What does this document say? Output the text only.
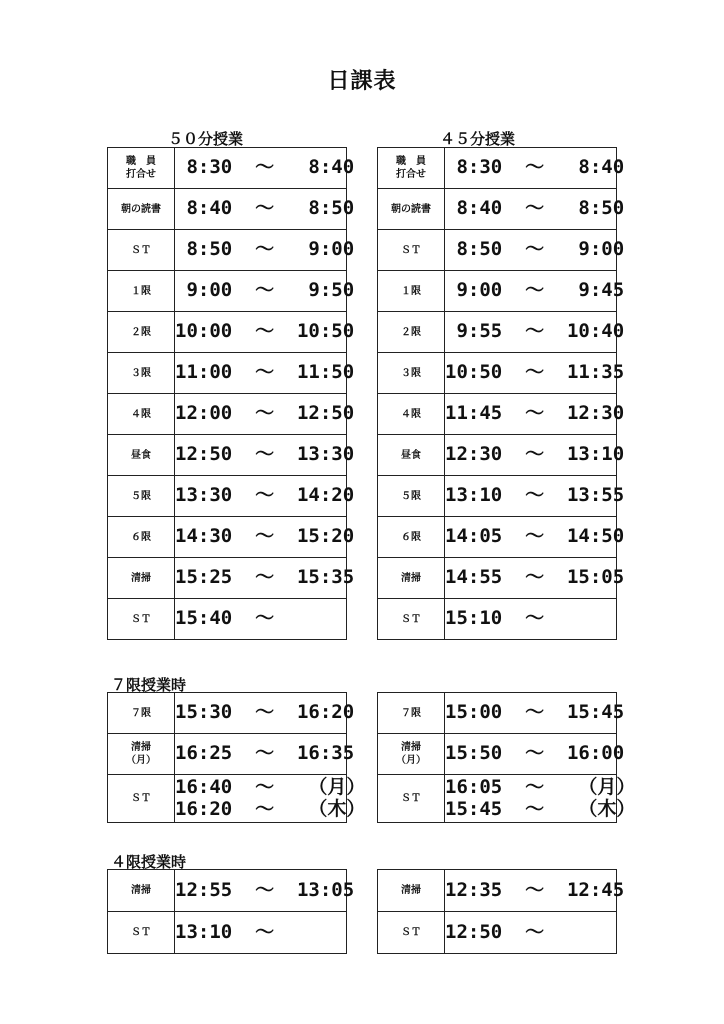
日課表
５０分授業	４５分授業
職　員
打合せ	8:30  〜   8:40

朝の読書	8:40  〜   8:50

ＳＴ	8:50  〜   9:00

１限	9:00  〜   9:50

２限	10:00  〜  10:50

３限	11:00  〜  11:50

４限	12:00  〜  12:50

昼食	12:50  〜  13:30

５限	13:30  〜  14:20

６限	14:30  〜  15:20

清掃	15:25  〜  15:35

ＳＴ	15:40  〜
職　員
打合せ	8:30  〜   8:40

朝の読書	8:40  〜   8:50

ＳＴ	8:50  〜   9:00

１限	9:00  〜   9:45

２限	9:55  〜  10:40

３限	10:50  〜  11:35

４限	11:45  〜  12:30

昼食	12:30  〜  13:10

５限	13:10  〜  13:55

６限	14:05  〜  14:50

清掃	14:55  〜  15:05

ＳＴ	15:10  〜
７限授業時
７限	15:30  〜  16:20

清掃
（月）	16:25  〜  16:35

ＳＴ	16:40  〜   （月）
16:20  〜   （木）
７限	15:00  〜  15:45

清掃
（月）	15:50  〜  16:00

ＳＴ	16:05  〜   （月）
15:45  〜   （木）
４限授業時
清掃	12:55  〜  13:05

ＳＴ	13:10  〜
清掃	12:35  〜  12:45

ＳＴ	12:50  〜
